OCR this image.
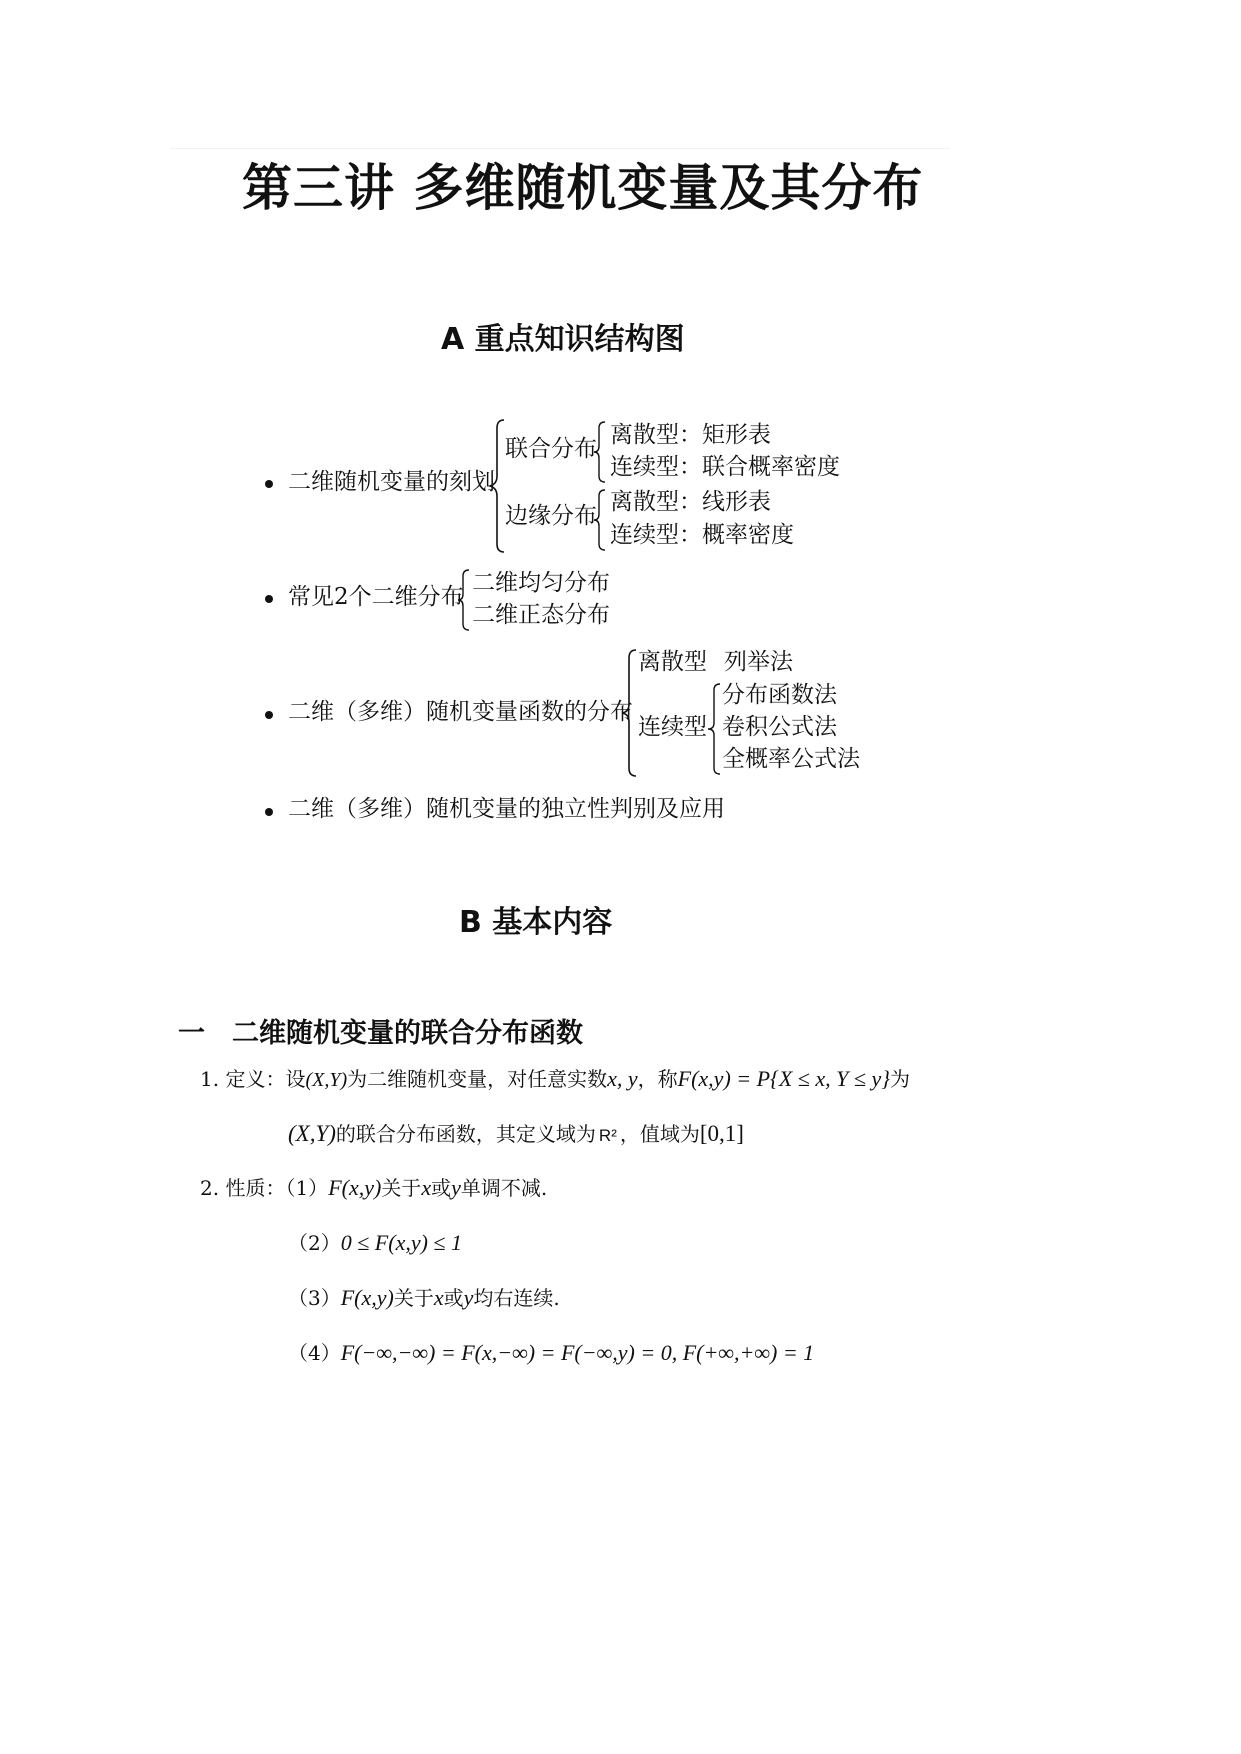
第三讲 多维随机变量及其分布
A 重点知识结构图
二维随机变量的刻划
联合分布
离散型：矩形表
连续型：联合概率密度
边缘分布
离散型：线形表
连续型：概率密度
常见2个二维分布
二维均匀分布
二维正态分布
二维（多维）随机变量函数的分布
离散型 列举法
连续型
分布函数法
卷积公式法
全概率公式法
二维（多维）随机变量的独立性判别及应用
B 基本内容
一 二维随机变量的联合分布函数
1. 定义：设(X,Y)为二维随机变量，对任意实数x, y，称F(x,y) = P{X ≤ x, Y ≤ y}为
(X,Y)的联合分布函数，其定义域为 R² ，值域为[0,1]
2. 性质：（1）F(x,y)关于x或y单调不减.
（2）0 ≤ F(x,y) ≤ 1
（3）F(x,y)关于x或y均右连续.
（4）F(−∞,−∞) = F(x,−∞) = F(−∞,y) = 0, F(+∞,+∞) = 1
